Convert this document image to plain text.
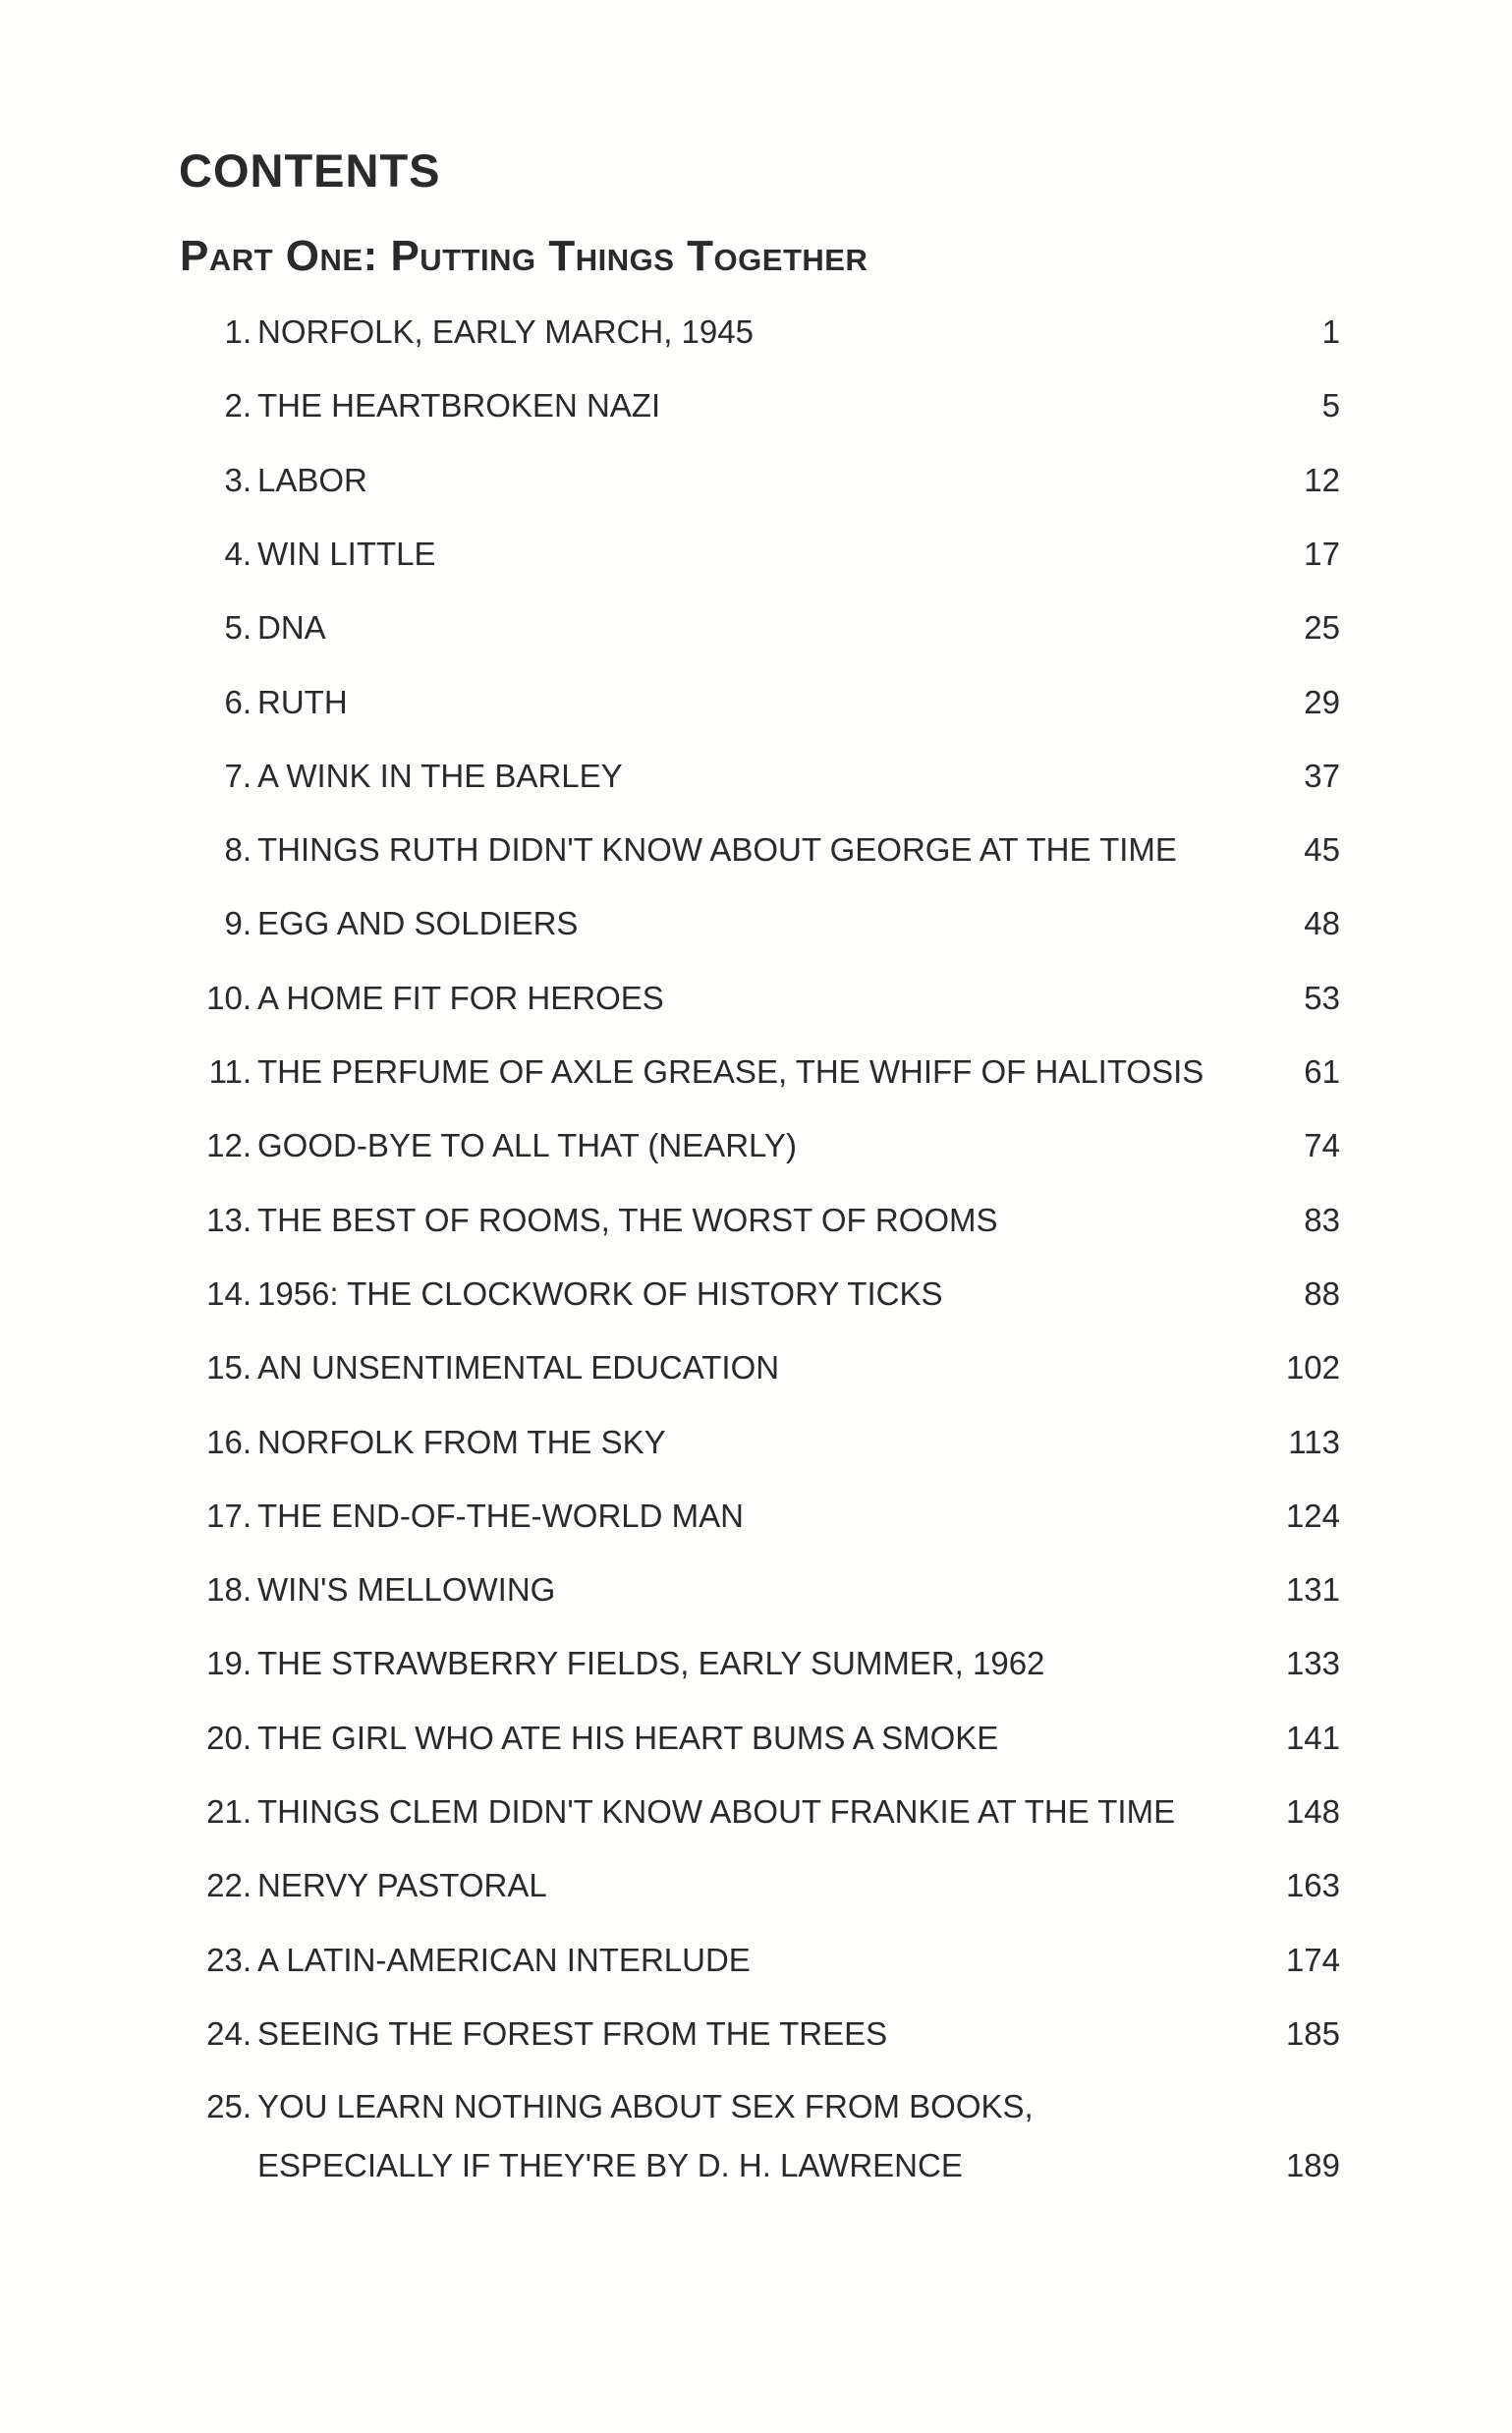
CONTENTS
Part One: Putting Things Together
1. NORFOLK, EARLY MARCH, 1945	1
2. THE HEARTBROKEN NAZI	5
3. LABOR	12
4. WIN LITTLE	17
5. DNA	25
6. RUTH	29
7. A WINK IN THE BARLEY	37
8. THINGS RUTH DIDN'T KNOW ABOUT GEORGE AT THE TIME	45
9. EGG AND SOLDIERS	48
10. A HOME FIT FOR HEROES	53
11. THE PERFUME OF AXLE GREASE, THE WHIFF OF HALITOSIS	61
12. GOOD-BYE TO ALL THAT (NEARLY)	74
13. THE BEST OF ROOMS, THE WORST OF ROOMS	83
14. 1956: THE CLOCKWORK OF HISTORY TICKS	88
15. AN UNSENTIMENTAL EDUCATION	102
16. NORFOLK FROM THE SKY	113
17. THE END-OF-THE-WORLD MAN	124
18. WIN'S MELLOWING	131
19. THE STRAWBERRY FIELDS, EARLY SUMMER, 1962	133
20. THE GIRL WHO ATE HIS HEART BUMS A SMOKE	141
21. THINGS CLEM DIDN'T KNOW ABOUT FRANKIE AT THE TIME	148
22. NERVY PASTORAL	163
23. A LATIN-AMERICAN INTERLUDE	174
24. SEEING THE FOREST FROM THE TREES	185
25. YOU LEARN NOTHING ABOUT SEX FROM BOOKS,
ESPECIALLY IF THEY'RE BY D. H. LAWRENCE	189
